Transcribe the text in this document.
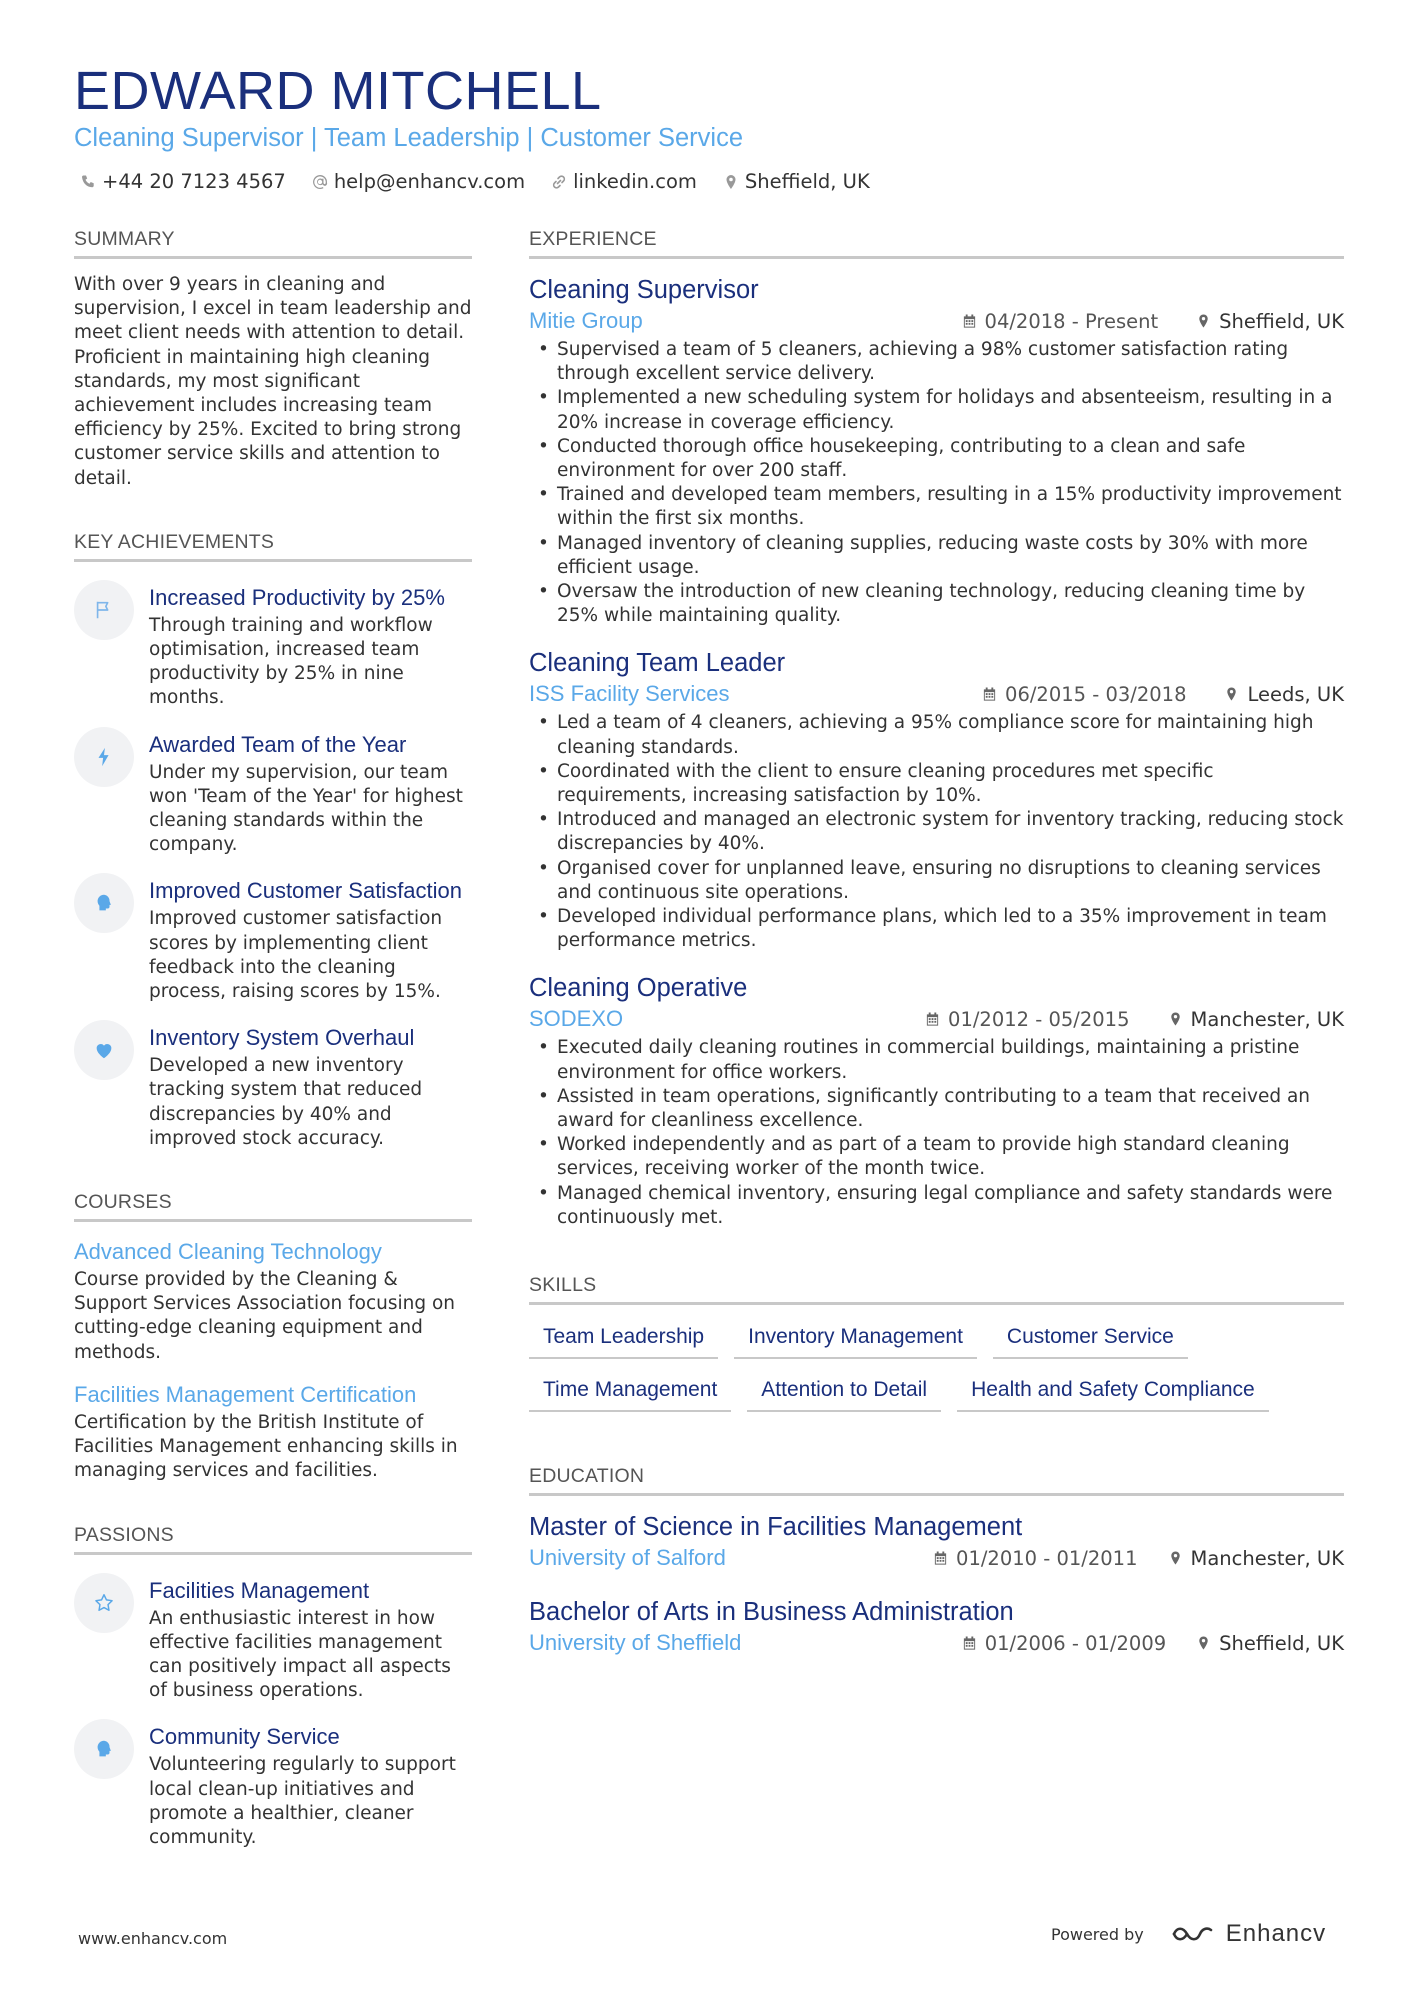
EDWARD MITCHELL
Cleaning Supervisor | Team Leadership | Customer Service
+44 20 7123 4567 help@enhancv.com linkedin.com Sheffield, UK
SUMMARY
With over 9 years in cleaning and supervision, I excel in team leadership and meet client needs with attention to detail. Proficient in maintaining high cleaning standards, my most significant achievement includes increasing team efficiency by 25%. Excited to bring strong customer service skills and attention to detail.
KEY ACHIEVEMENTS
Increased Productivity by 25%
Through training and workflow optimisation, increased team productivity by 25% in nine months.
Awarded Team of the Year
Under my supervision, our team won 'Team of the Year' for highest cleaning standards within the company.
Improved Customer Satisfaction
Improved customer satisfaction scores by implementing client feedback into the cleaning process, raising scores by 15%.
Inventory System Overhaul
Developed a new inventory tracking system that reduced discrepancies by 40% and improved stock accuracy.
COURSES
Advanced Cleaning Technology
Course provided by the Cleaning & Support Services Association focusing on cutting-edge cleaning equipment and methods.
Facilities Management Certification
Certification by the British Institute of Facilities Management enhancing skills in managing services and facilities.
PASSIONS
Facilities Management
An enthusiastic interest in how effective facilities management can positively impact all aspects of business operations.
Community Service
Volunteering regularly to support local clean-up initiatives and promote a healthier, cleaner community.
EXPERIENCE
Cleaning Supervisor
Mitie Group	04/2018 - Present	Sheffield, UK
• Supervised a team of 5 cleaners, achieving a 98% customer satisfaction rating through excellent service delivery.
• Implemented a new scheduling system for holidays and absenteeism, resulting in a 20% increase in coverage efficiency.
• Conducted thorough office housekeeping, contributing to a clean and safe environment for over 200 staff.
• Trained and developed team members, resulting in a 15% productivity improvement within the first six months.
• Managed inventory of cleaning supplies, reducing waste costs by 30% with more efficient usage.
• Oversaw the introduction of new cleaning technology, reducing cleaning time by 25% while maintaining quality.
Cleaning Team Leader
ISS Facility Services	06/2015 - 03/2018	Leeds, UK
• Led a team of 4 cleaners, achieving a 95% compliance score for maintaining high cleaning standards.
• Coordinated with the client to ensure cleaning procedures met specific requirements, increasing satisfaction by 10%.
• Introduced and managed an electronic system for inventory tracking, reducing stock discrepancies by 40%.
• Organised cover for unplanned leave, ensuring no disruptions to cleaning services and continuous site operations.
• Developed individual performance plans, which led to a 35% improvement in team performance metrics.
Cleaning Operative
SODEXO	01/2012 - 05/2015	Manchester, UK
• Executed daily cleaning routines in commercial buildings, maintaining a pristine environment for office workers.
• Assisted in team operations, significantly contributing to a team that received an award for cleanliness excellence.
• Worked independently and as part of a team to provide high standard cleaning services, receiving worker of the month twice.
• Managed chemical inventory, ensuring legal compliance and safety standards were continuously met.
SKILLS
Team Leadership	Inventory Management	Customer Service
Time Management	Attention to Detail	Health and Safety Compliance
EDUCATION
Master of Science in Facilities Management
University of Salford	01/2010 - 01/2011	Manchester, UK
Bachelor of Arts in Business Administration
University of Sheffield	01/2006 - 01/2009	Sheffield, UK
www.enhancv.com	Powered by	Enhancv
